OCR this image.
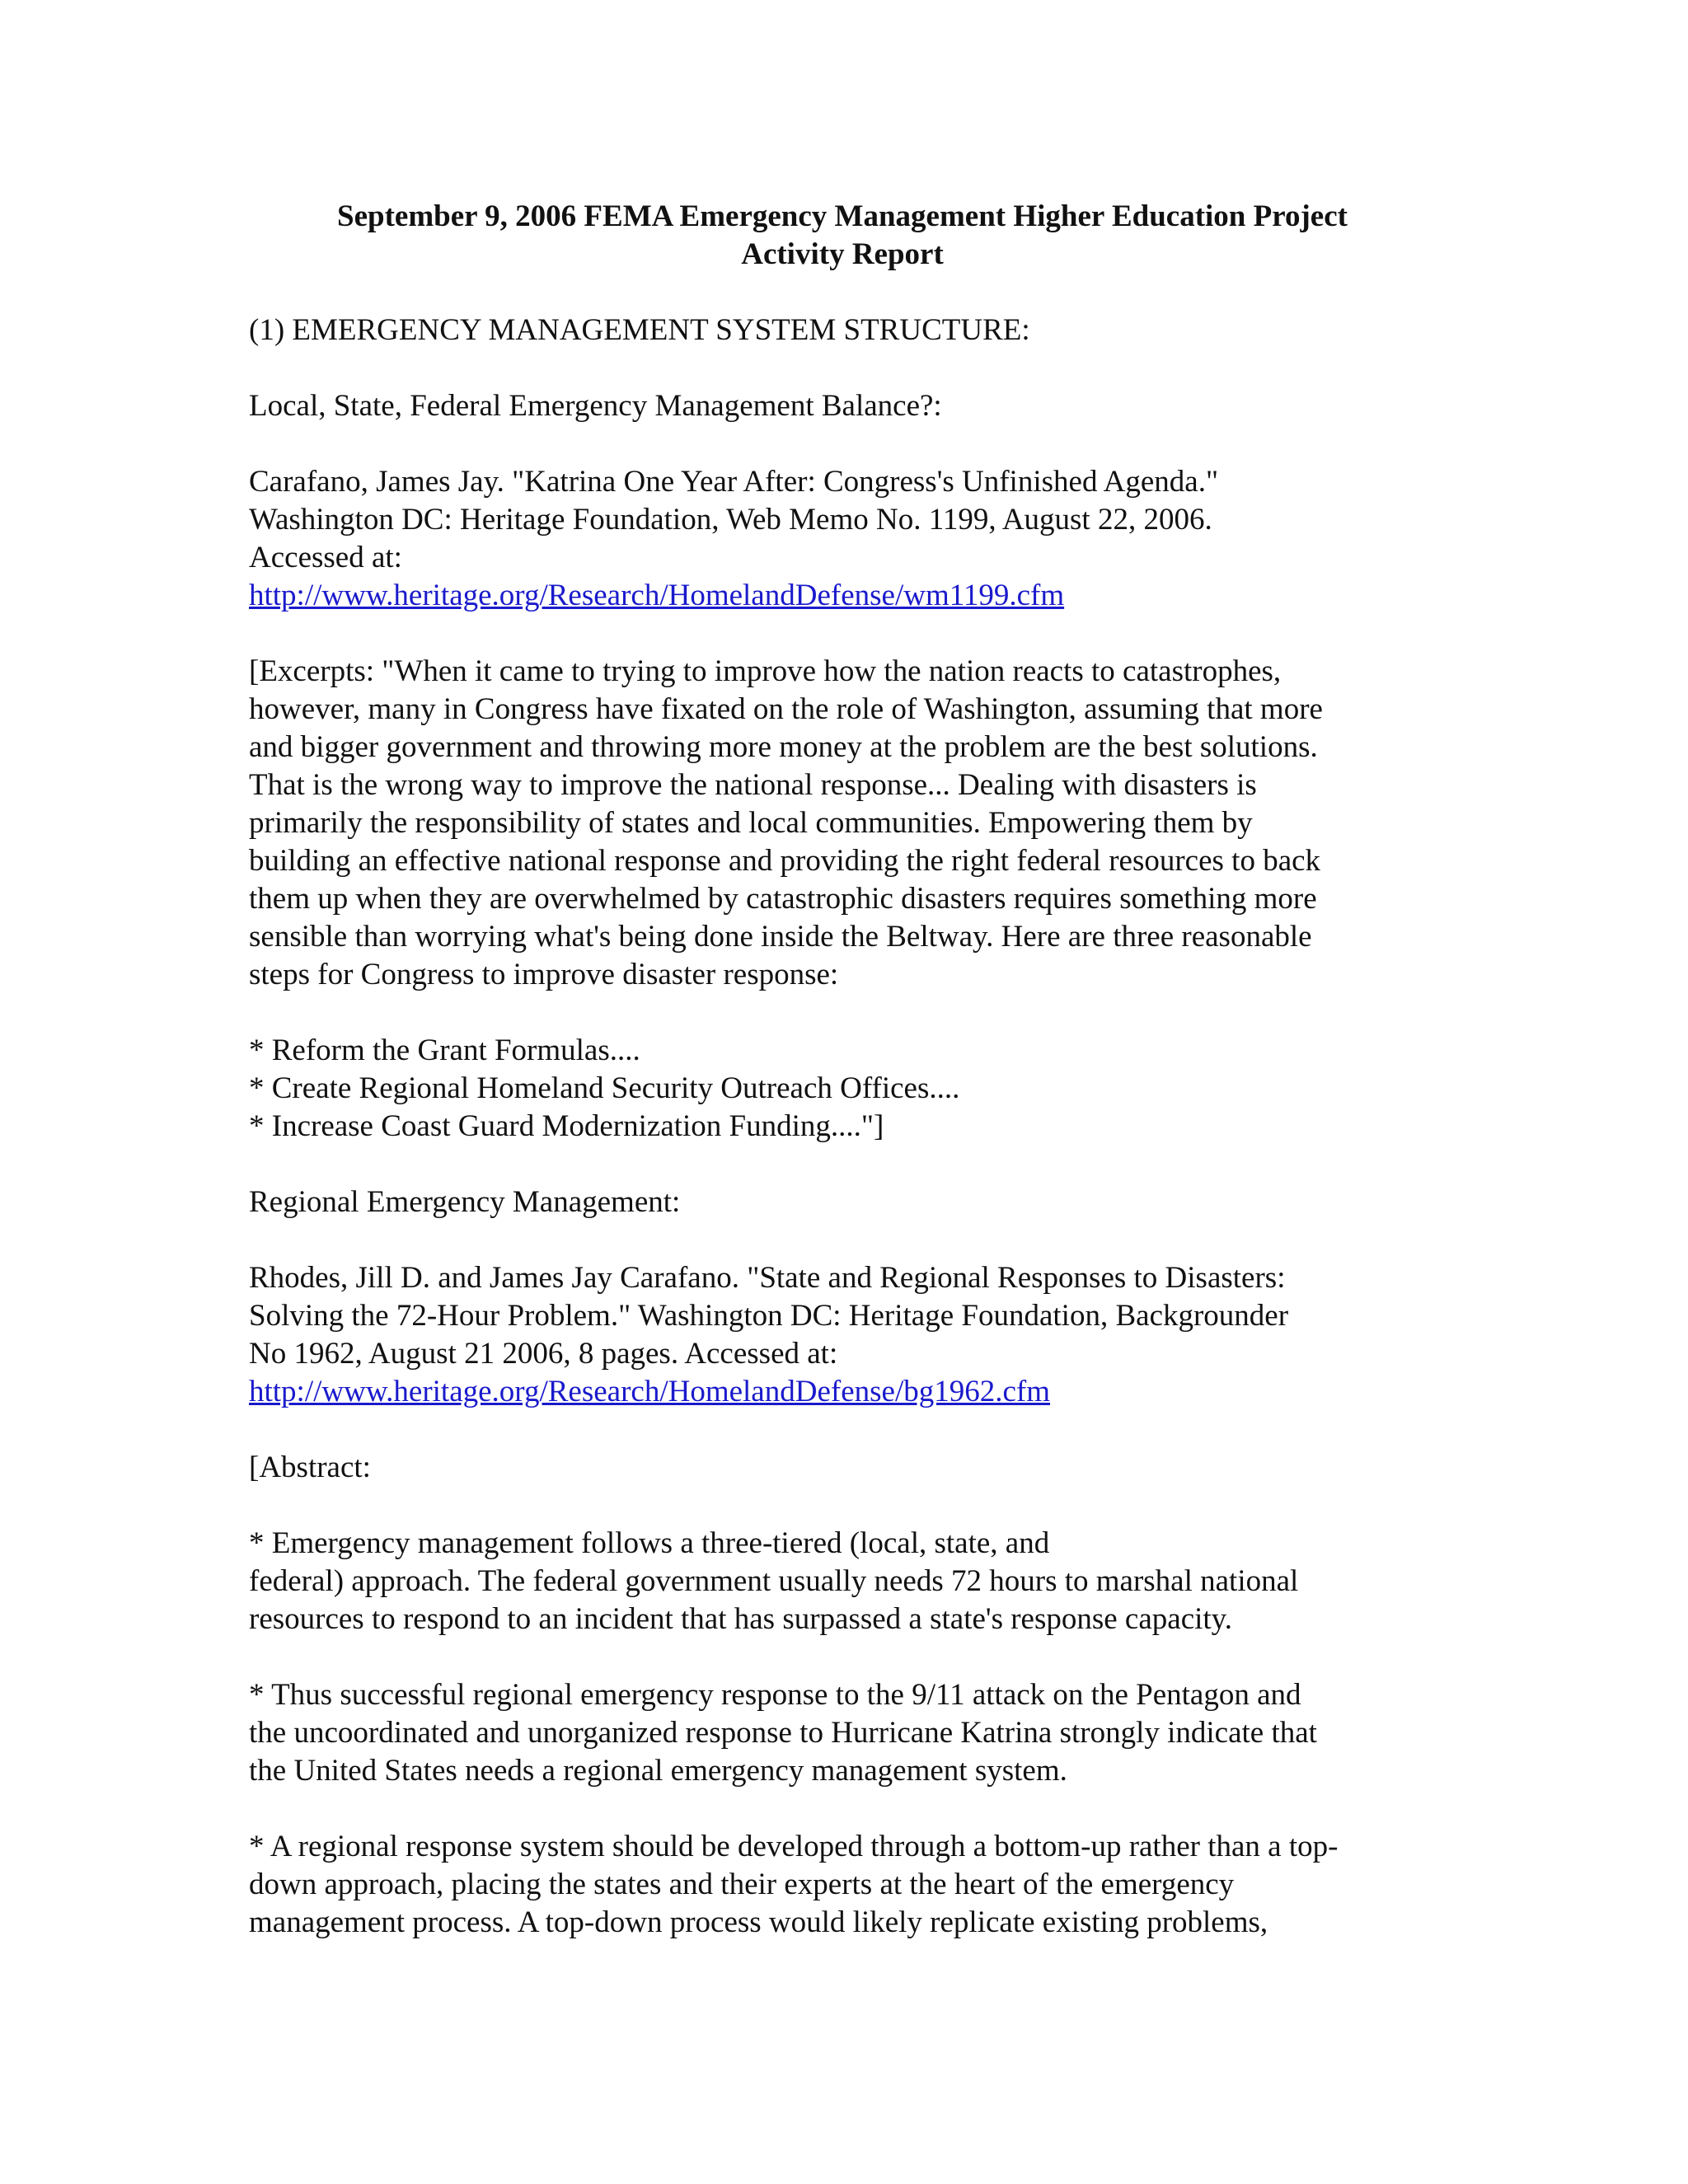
September 9, 2006 FEMA Emergency Management Higher Education Project
Activity Report
(1) EMERGENCY MANAGEMENT SYSTEM STRUCTURE:
Local, State, Federal Emergency Management Balance?:
Carafano, James Jay. "Katrina One Year After: Congress's Unfinished Agenda."
Washington DC: Heritage Foundation, Web Memo No. 1199, August 22, 2006.
Accessed at:
http://www.heritage.org/Research/HomelandDefense/wm1199.cfm
[Excerpts: "When it came to trying to improve how the nation reacts to catastrophes,
however, many in Congress have fixated on the role of Washington, assuming that more
and bigger government and throwing more money at the problem are the best solutions.
That is the wrong way to improve the national response... Dealing with disasters is
primarily the responsibility of states and local communities. Empowering them by
building an effective national response and providing the right federal resources to back
them up when they are overwhelmed by catastrophic disasters requires something more
sensible than worrying what's being done inside the Beltway. Here are three reasonable
steps for Congress to improve disaster response:
* Reform the Grant Formulas....
* Create Regional Homeland Security Outreach Offices....
* Increase Coast Guard Modernization Funding...."]
Regional Emergency Management:
Rhodes, Jill D. and James Jay Carafano. "State and Regional Responses to Disasters:
Solving the 72-Hour Problem." Washington DC: Heritage Foundation, Backgrounder
No 1962, August 21 2006, 8 pages. Accessed at:
http://www.heritage.org/Research/HomelandDefense/bg1962.cfm
[Abstract:
* Emergency management follows a three-tiered (local, state, and
federal) approach. The federal government usually needs 72 hours to marshal national
resources to respond to an incident that has surpassed a state's response capacity.
* Thus successful regional emergency response to the 9/11 attack on the Pentagon and
the uncoordinated and unorganized response to Hurricane Katrina strongly indicate that
the United States needs a regional emergency management system.
* A regional response system should be developed through a bottom-up rather than a top-
down approach, placing the states and their experts at the heart of the emergency
management process. A top-down process would likely replicate existing problems,
